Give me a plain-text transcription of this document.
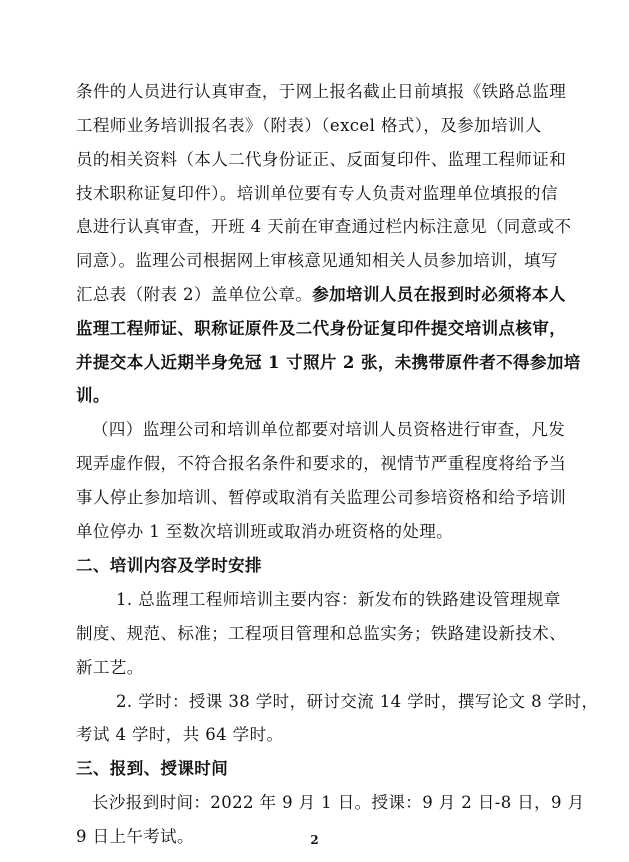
条件的人员进行认真审查，于网上报名截止日前填报《铁路总监理
工程师业务培训报名表》（附表）（excel 格式），及参加培训人
员的相关资料（本人二代身份证正、反面复印件、监理工程师证和
技术职称证复印件）。培训单位要有专人负责对监理单位填报的信
息进行认真审查，开班 4 天前在审查通过栏内标注意见（同意或不
同意）。监理公司根据网上审核意见通知相关人员参加培训，填写
汇总表（附表 2）盖单位公章。参加培训人员在报到时必须将本人
监理工程师证、职称证原件及二代身份证复印件提交培训点核审，
并提交本人近期半身免冠 1 寸照片 2 张，未携带原件者不得参加培
训。
（四）监理公司和培训单位都要对培训人员资格进行审查，凡发
现弄虚作假，不符合报名条件和要求的，视情节严重程度将给予当
事人停止参加培训、暂停或取消有关监理公司参培资格和给予培训
单位停办 1 至数次培训班或取消办班资格的处理。
二、培训内容及学时安排
1. 总监理工程师培训主要内容：新发布的铁路建设管理规章
制度、规范、标准；工程项目管理和总监实务；铁路建设新技术、
新工艺。
2. 学时：授课 38 学时，研讨交流 14 学时，撰写论文 8 学时，
考试 4 学时，共 64 学时。
三、报到、授课时间
长沙报到时间：2022 年 9 月 1 日。授课：9 月 2 日-8 日，9 月
9 日上午考试。	2
